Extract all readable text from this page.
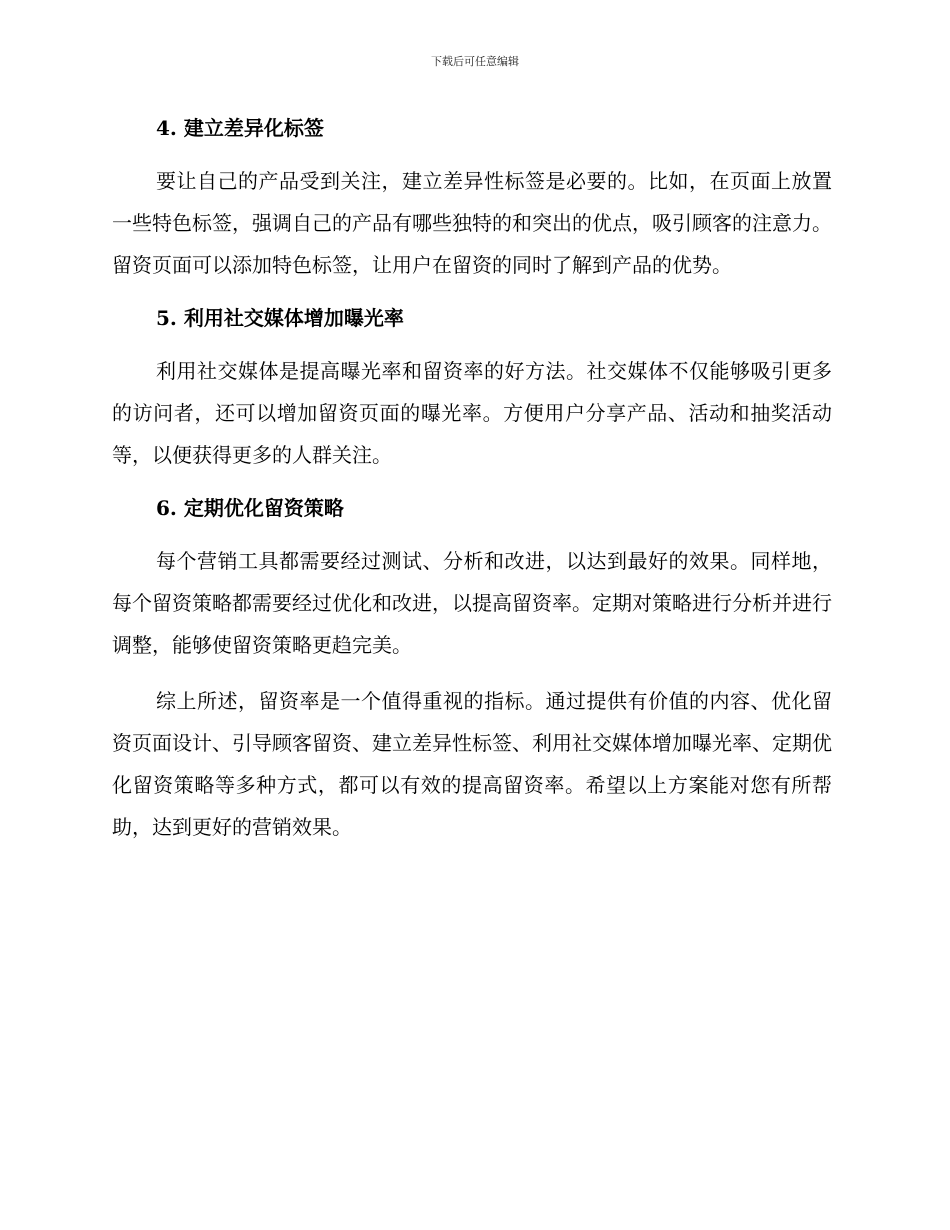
下载后可任意编辑
4. 建立差异化标签

要让自己的产品受到关注，建立差异性标签是必要的。比如，在页面上放置一些特色标签，强调自己的产品有哪些独特的和突出的优点，吸引顾客的注意力。留资页面可以添加特色标签，让用户在留资的同时了解到产品的优势。

5. 利用社交媒体增加曝光率

利用社交媒体是提高曝光率和留资率的好方法。社交媒体不仅能够吸引更多的访问者，还可以增加留资页面的曝光率。方便用户分享产品、活动和抽奖活动等，以便获得更多的人群关注。

6. 定期优化留资策略

每个营销工具都需要经过测试、分析和改进，以达到最好的效果。同样地，每个留资策略都需要经过优化和改进，以提高留资率。定期对策略进行分析并进行调整，能够使留资策略更趋完美。

综上所述，留资率是一个值得重视的指标。通过提供有价值的内容、优化留资页面设计、引导顾客留资、建立差异性标签、利用社交媒体增加曝光率、定期优化留资策略等多种方式，都可以有效的提高留资率。希望以上方案能对您有所帮助，达到更好的营销效果。
